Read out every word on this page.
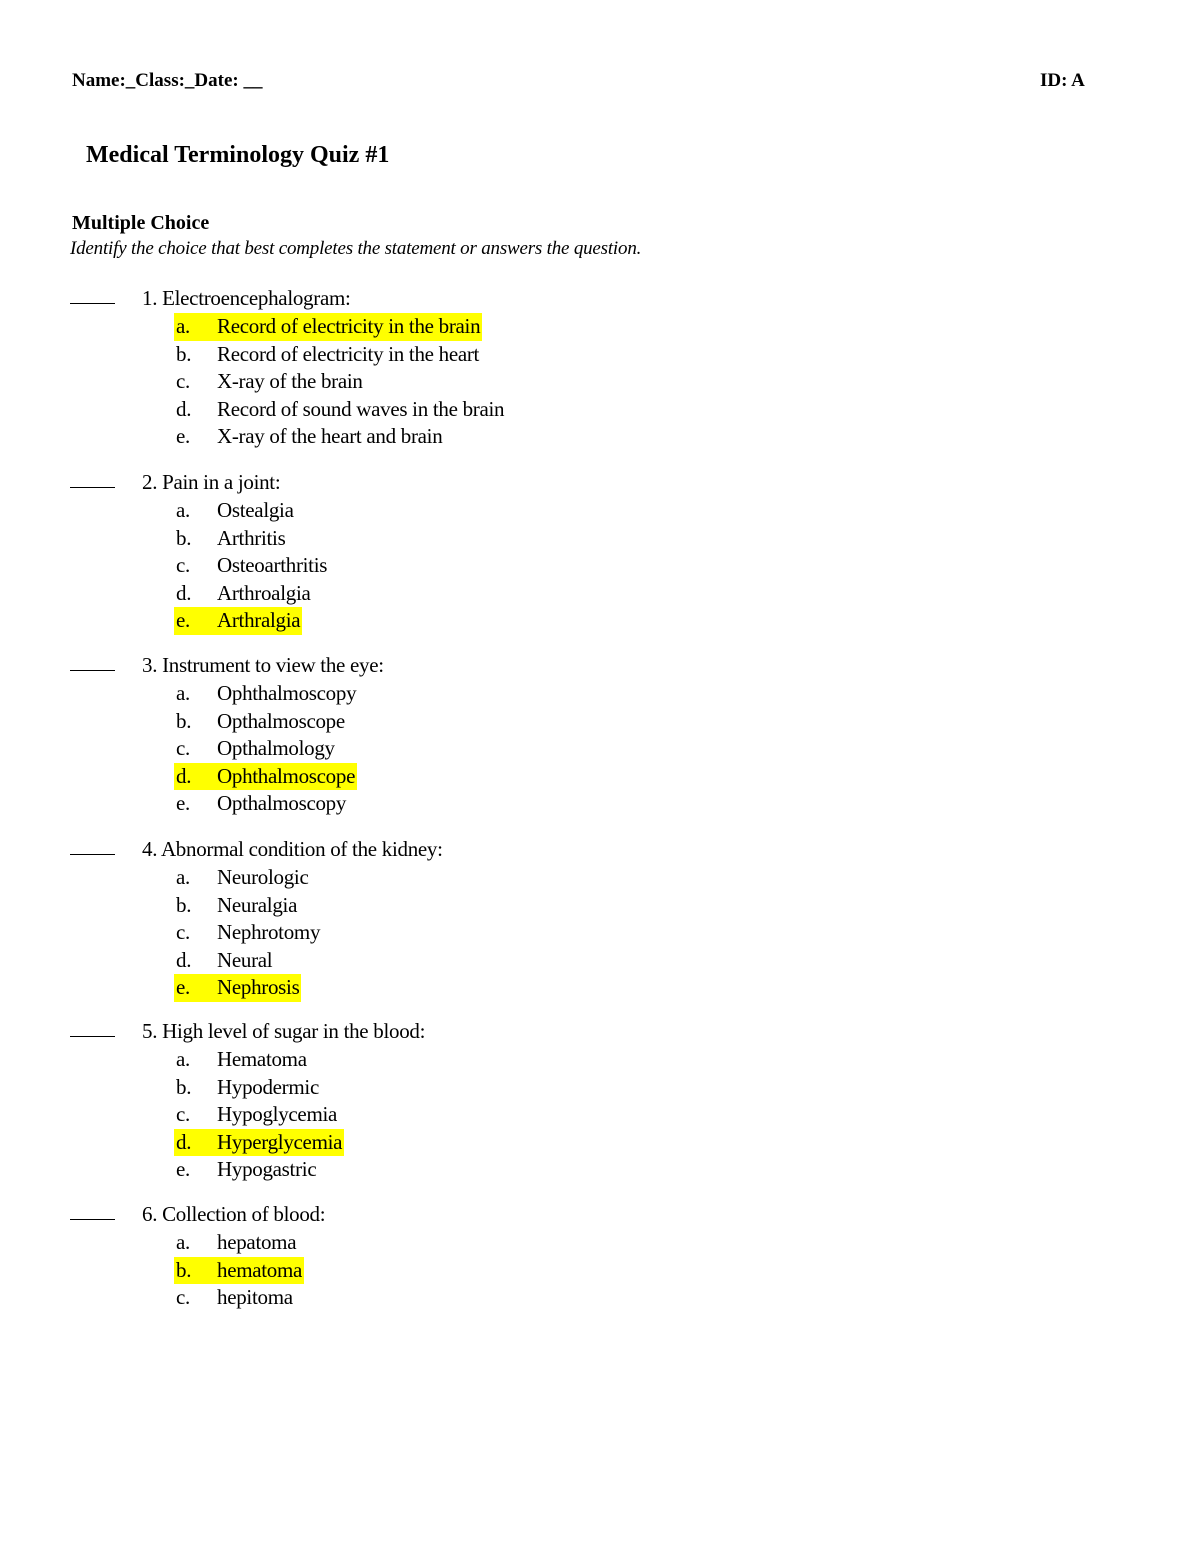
Name:_Class:_Date: __	ID: A
Medical Terminology Quiz #1
Multiple Choice
Identify the choice that best completes the statement or answers the question.
1. Electroencephalogram:
a. Record of electricity in the brain
b. Record of electricity in the heart
c. X-ray of the brain
d. Record of sound waves in the brain
e. X-ray of the heart and brain
2. Pain in a joint:
a. Ostealgia
b. Arthritis
c. Osteoarthritis
d. Arthroalgia
e. Arthralgia
3. Instrument to view the eye:
a. Ophthalmoscopy
b. Opthalmoscope
c. Opthalmology
d. Ophthalmoscope
e. Opthalmoscopy
4. Abnormal condition of the kidney:
a. Neurologic
b. Neuralgia
c. Nephrotomy
d. Neural
e. Nephrosis
5. High level of sugar in the blood:
a. Hematoma
b. Hypodermic
c. Hypoglycemia
d. Hyperglycemia
e. Hypogastric
6. Collection of blood:
a. hepatoma
b. hematoma
c. hepitoma
